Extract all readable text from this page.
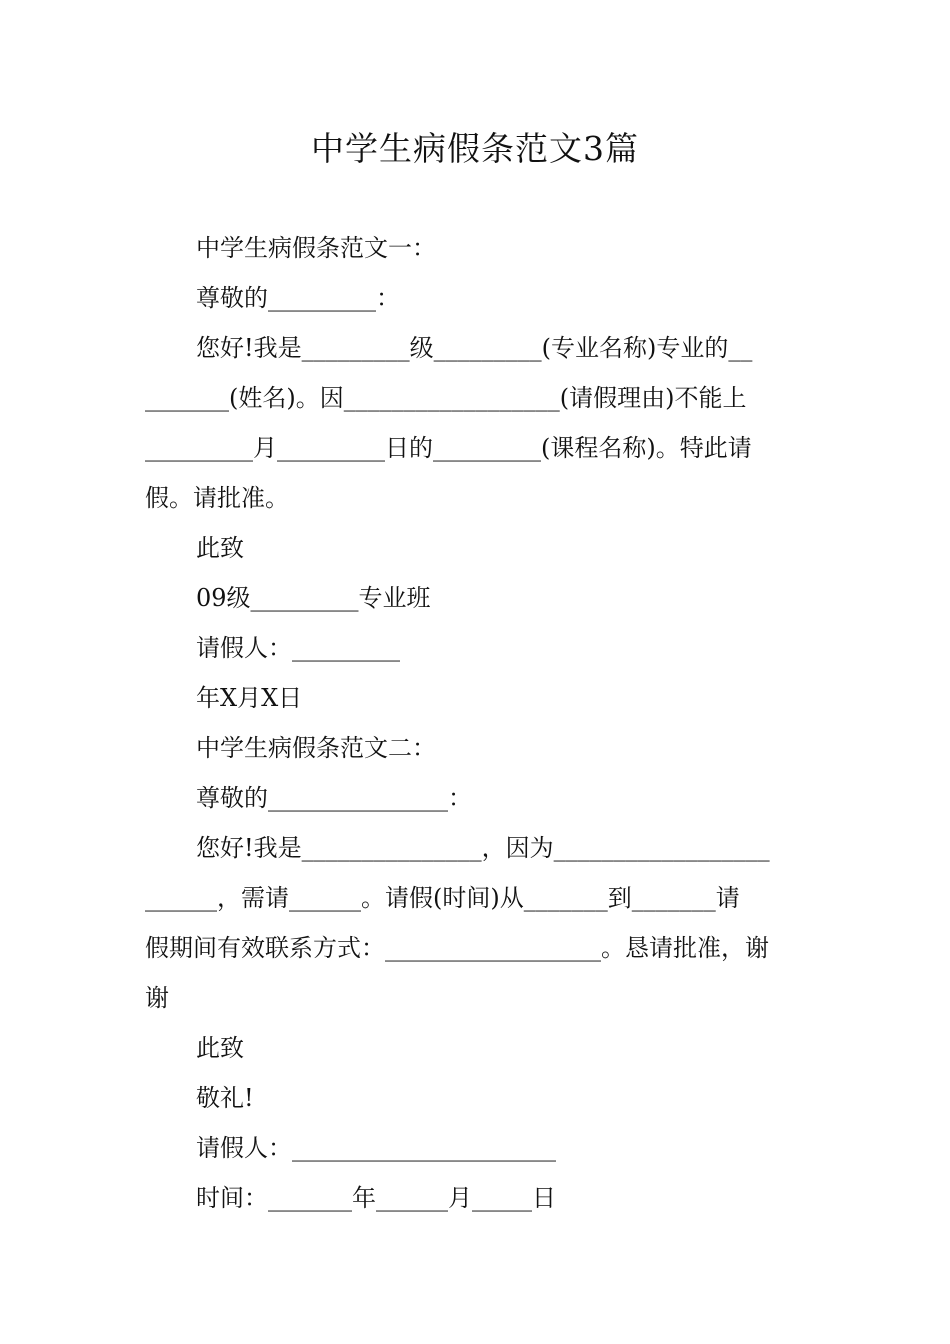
中学生病假条范文3篇
中学生病假条范文一：
尊敬的_________：
您好!我是_________级_________(专业名称)专业的__
_______(姓名)。因__________________(请假理由)不能上
_________月_________日的_________(课程名称)。特此请
假。请批准。
此致
09级_________专业班
请假人：_________
年X月X日
中学生病假条范文二：
尊敬的_______________：
您好!我是_______________，因为__________________
______，需请______。请假(时间)从_______到_______请
假期间有效联系方式：__________________。恳请批准，谢
谢
此致
敬礼!
请假人：______________________
时间：_______年______月_____日
